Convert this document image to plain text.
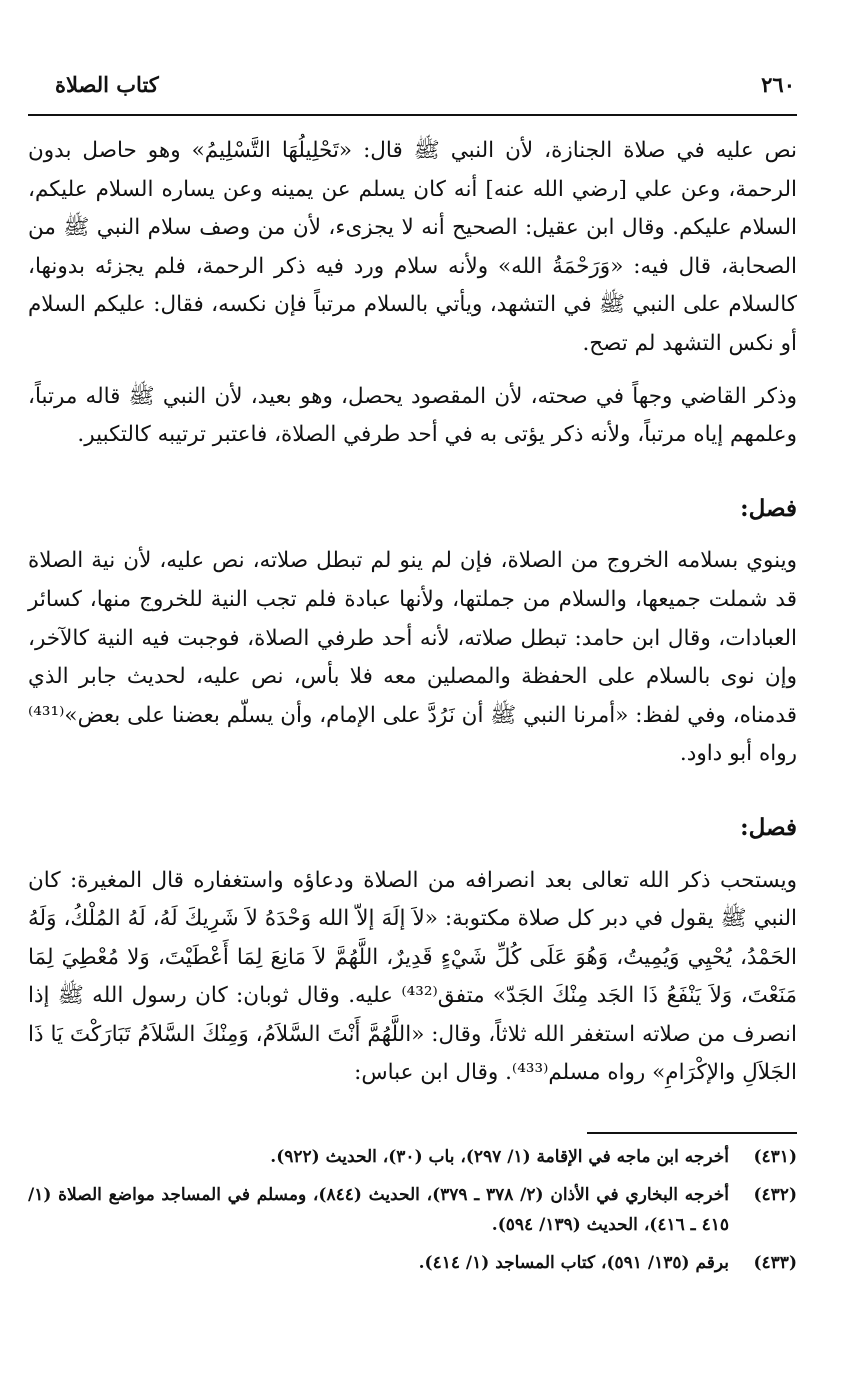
كتاب الصلاة	٢٦٠

نص عليه في صلاة الجنازة، لأن النبي ﷺ قال: «تَحْلِيلُهَا التَّسْلِيمُ» وهو حاصل بدون الرحمة، وعن علي [رضي الله عنه] أنه كان يسلم عن يمينه وعن يساره السلام عليكم، السلام عليكم. وقال ابن عقيل: الصحيح أنه لا يجزىء، لأن من وصف سلام النبي ﷺ من الصحابة، قال فيه: «وَرَحْمَةُ الله» ولأنه سلام ورد فيه ذكر الرحمة، فلم يجزئه بدونها، كالسلام على النبي ﷺ في التشهد، ويأتي بالسلام مرتباً فإن نكسه، فقال: عليكم السلام أو نكس التشهد لم تصح.

وذكر القاضي وجهاً في صحته، لأن المقصود يحصل، وهو بعيد، لأن النبي ﷺ قاله مرتباً، وعلمهم إياه مرتباً، ولأنه ذكر يؤتى به في أحد طرفي الصلاة، فاعتبر ترتيبه كالتكبير.

فصل:

وينوي بسلامه الخروج من الصلاة، فإن لم ينو لم تبطل صلاته، نص عليه، لأن نية الصلاة قد شملت جميعها، والسلام من جملتها، ولأنها عبادة فلم تجب النية للخروج منها، كسائر العبادات، وقال ابن حامد: تبطل صلاته، لأنه أحد طرفي الصلاة، فوجبت فيه النية كالآخر، وإن نوى بالسلام على الحفظة والمصلين معه فلا بأس، نص عليه، لحديث جابر الذي قدمناه، وفي لفظ: «أمرنا النبي ﷺ أن نَرُدَّ على الإمام، وأن يسلّم بعضنا على بعض»⁽⁴³¹⁾ رواه أبو داود.

فصل:

ويستحب ذكر الله تعالى بعد انصرافه من الصلاة ودعاؤه واستغفاره قال المغيرة: كان النبي ﷺ يقول في دبر كل صلاة مكتوبة: «لاَ إلَهَ إلاّ الله وَحْدَهُ لاَ شَرِيكَ لَهُ، لَهُ المُلْكُ، وَلَهُ الحَمْدُ، يُحْيِي وَيُمِيتُ، وَهُوَ عَلَى كُلِّ شَيْءٍ قَدِيرٌ، اللَّهُمَّ لاَ مَانِعَ لِمَا أَعْطَيْتَ، وَلا مُعْطِيَ لِمَا مَنَعْتَ، وَلاَ يَنْفَعُ ذَا الجَد مِنْكَ الجَدّ» متفق⁽⁴³²⁾ عليه. وقال ثوبان: كان رسول الله ﷺ إذا انصرف من صلاته استغفر الله ثلاثاً، وقال: «اللَّهُمَّ أَنْتَ السَّلاَمُ، وَمِنْكَ السَّلاَمُ تَبَارَكْتَ يَا ذَا الجَلاَلِ والإكْرَامِ» رواه مسلم⁽⁴³³⁾. وقال ابن عباس:

(٤٣١)
أخرجه ابن ماجه في الإقامة (١/ ٢٩٧)، باب (٣٠)، الحديث (٩٢٢).
(٤٣٢)
أخرجه البخاري في الأذان (٢/ ٣٧٨ ـ ٣٧٩)، الحديث (٨٤٤)، ومسلم في المساجد مواضع الصلاة (١/ ٤١٥ ـ ٤١٦)، الحديث (١٣٩/ ٥٩٤).
(٤٣٣)
برقم (١٣٥/ ٥٩١)، كتاب المساجد (١/ ٤١٤).
